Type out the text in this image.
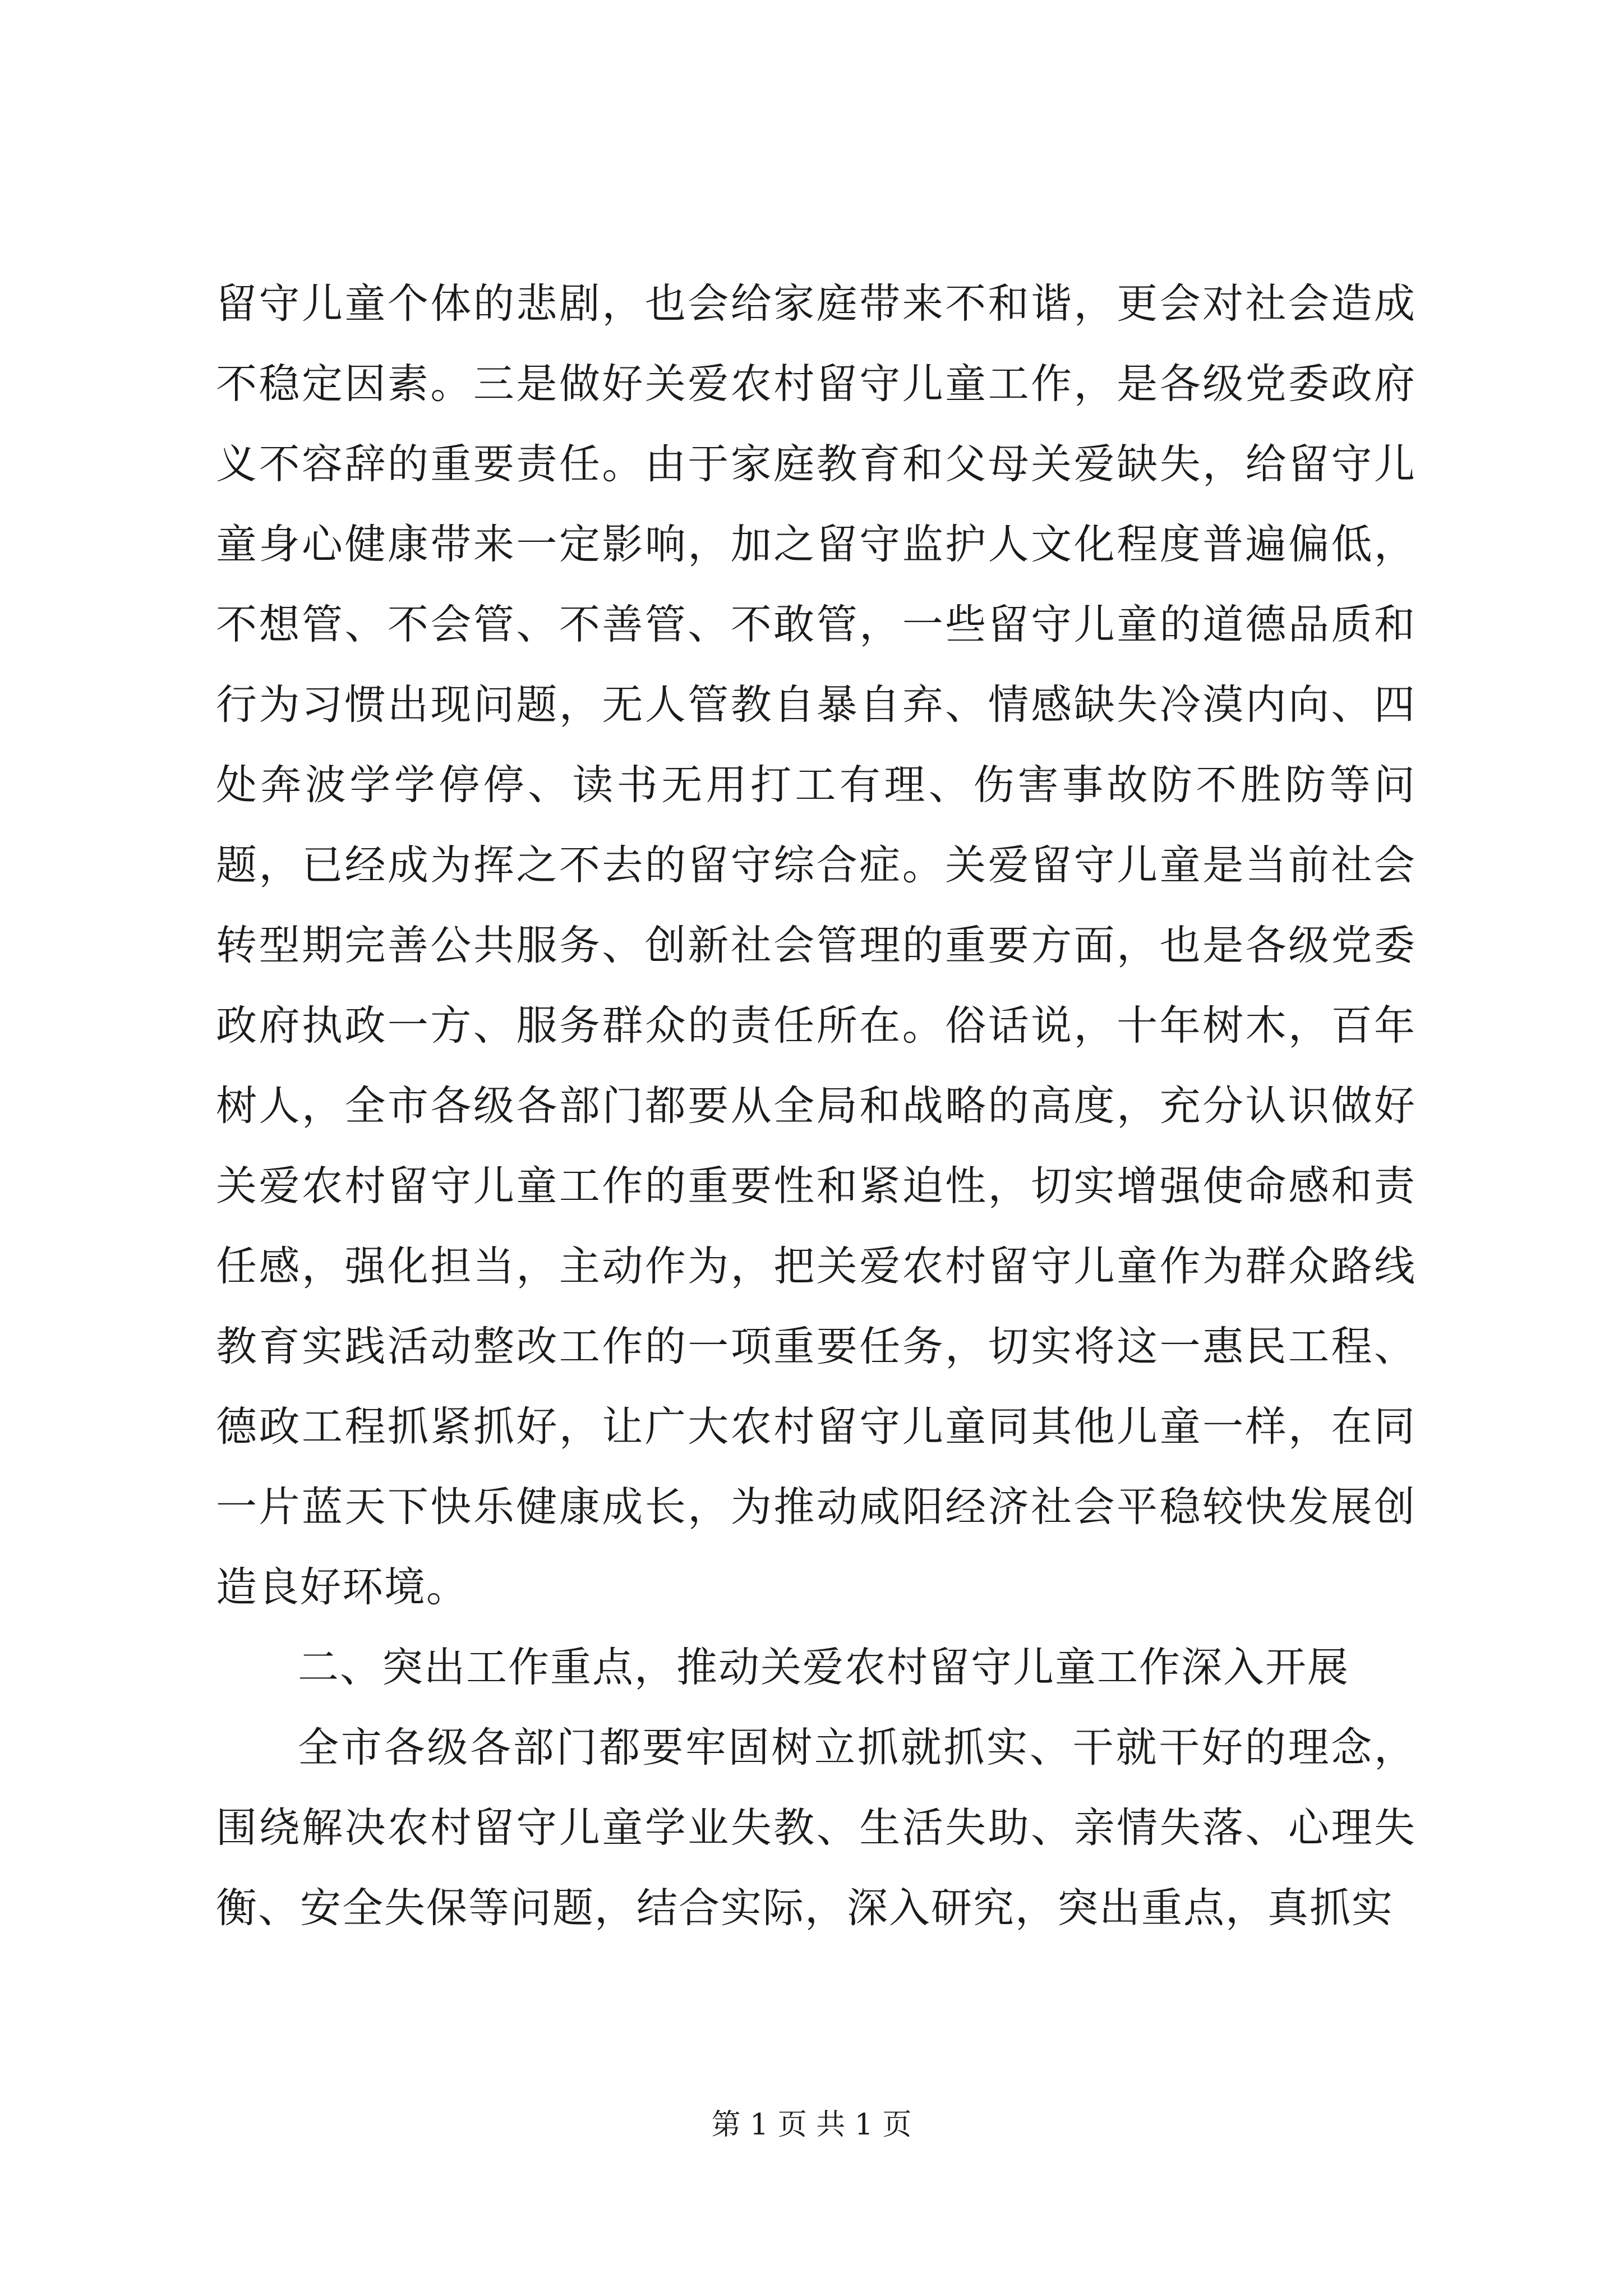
留守儿童个体的悲剧，也会给家庭带来不和谐，更会对社会造成不稳定因素。三是做好关爱农村留守儿童工作，是各级党委政府义不容辞的重要责任。由于家庭教育和父母关爱缺失，给留守儿童身心健康带来一定影响，加之留守监护人文化程度普遍偏低，不想管、不会管、不善管、不敢管，一些留守儿童的道德品质和行为习惯出现问题，无人管教自暴自弃、情感缺失冷漠内向、四处奔波学学停停、读书无用打工有理、伤害事故防不胜防等问题，已经成为挥之不去的留守综合症。关爱留守儿童是当前社会转型期完善公共服务、创新社会管理的重要方面，也是各级党委政府执政一方、服务群众的责任所在。俗话说，十年树木，百年树人，全市各级各部门都要从全局和战略的高度，充分认识做好关爱农村留守儿童工作的重要性和紧迫性，切实增强使命感和责任感，强化担当，主动作为，把关爱农村留守儿童作为群众路线教育实践活动整改工作的一项重要任务，切实将这一惠民工程、德政工程抓紧抓好，让广大农村留守儿童同其他儿童一样，在同一片蓝天下快乐健康成长，为推动咸阳经济社会平稳较快发展创造良好环境。

二、突出工作重点，推动关爱农村留守儿童工作深入开展

全市各级各部门都要牢固树立抓就抓实、干就干好的理念，围绕解决农村留守儿童学业失教、生活失助、亲情失落、心理失衡、安全失保等问题，结合实际，深入研究，突出重点，真抓实

第 1 页 共 1 页
